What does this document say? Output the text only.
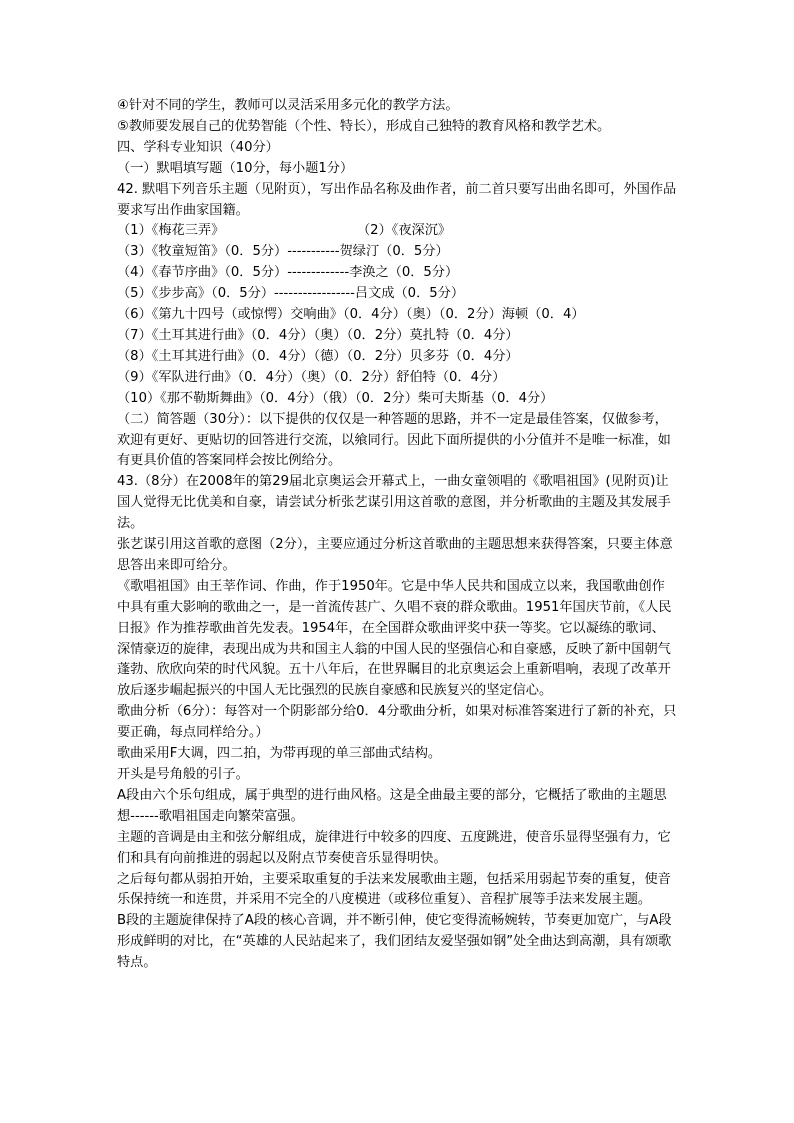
④针对不同的学生，教师可以灵活采用多元化的教学方法。

⑤教师要发展自己的优势智能（个性、特长），形成自己独特的教育风格和教学艺术。

四、学科专业知识（40分）

（一）默唱填写题（10分，每小题1分）

42. 默唱下列音乐主题（见附页），写出作品名称及曲作者，前二首只要写出曲名即可，外国作品要求写出作曲家国籍。

（1）《梅花三弄》	（2）《夜深沉》

（3）《牧童短笛》（0．5分）-----------贺绿汀（0．5分）

（4）《春节序曲》（0．5分）-------------李涣之（0．5分）

（5）《步步高》（0．5分）-----------------吕文成（0．5分）

（6）《第九十四号（或惊愕）交响曲》（0．4分）（奥）（0．2分）海顿（0．4）

（7）《土耳其进行曲》（0．4分）（奥）（0．2分）莫扎特（0．4分）

（8）《土耳其进行曲》（0．4分）（德）（0．2分）贝多芬（0．4分）

（9）《军队进行曲》（0．4分）（奥）（0．2分）舒伯特（0．4分）

（10）《那不勒斯舞曲》（0．4分）（俄）（0．2分）柴可夫斯基（0．4分）

（二）简答题（30分）：以下提供的仅仅是一种答题的思路，并不一定是最佳答案，仅做参考，欢迎有更好、更贴切的回答进行交流，以飨同行。因此下面所提供的小分值并不是唯一标准，如有更具价值的答案同样会按比例给分。

43.（8分）在2008年的第29届北京奥运会开幕式上，一曲女童领唱的《歌唱祖国》(见附页)让国人觉得无比优美和自豪，请尝试分析张艺谋引用这首歌的意图，并分析歌曲的主题及其发展手法。

张艺谋引用这首歌的意图（2分），主要应通过分析这首歌曲的主题思想来获得答案，只要主体意思答出来即可给分。

《歌唱祖国》由王莘作词、作曲，作于1950年。它是中华人民共和国成立以来，我国歌曲创作中具有重大影响的歌曲之一，是一首流传甚广、久唱不衰的群众歌曲。1951年国庆节前，《人民日报》作为推荐歌曲首先发表。1954年，在全国群众歌曲评奖中获一等奖。它以凝练的歌词、深情豪迈的旋律，表现出成为共和国主人翁的中国人民的坚强信心和自豪感，反映了新中国朝气蓬勃、欣欣向荣的时代风貌。五十八年后，在世界瞩目的北京奥运会上重新唱响，表现了改革开放后逐步崛起振兴的中国人无比强烈的民族自豪感和民族复兴的坚定信心。

歌曲分析（6分）：每答对一个阴影部分给0．4分歌曲分析，如果对标准答案进行了新的补充，只要正确，每点同样给分。）

歌曲采用F大调，四二拍，为带再现的单三部曲式结构。

开头是号角般的引子。

A段由六个乐句组成，属于典型的进行曲风格。这是全曲最主要的部分，它概括了歌曲的主题思想------歌唱祖国走向繁荣富强。

主题的音调是由主和弦分解组成，旋律进行中较多的四度、五度跳进，使音乐显得坚强有力，它们和具有向前推进的弱起以及附点节奏使音乐显得明快。

之后每句都从弱拍开始，主要采取重复的手法来发展歌曲主题，包括采用弱起节奏的重复，使音乐保持统一和连贯，并采用不完全的八度模进（或移位重复）、音程扩展等手法来发展主题。

B段的主题旋律保持了A段的核心音调，并不断引伸，使它变得流畅婉转，节奏更加宽广，与A段形成鲜明的对比，在“英雄的人民站起来了，我们团结友爱坚强如钢”处全曲达到高潮，具有颂歌特点。
